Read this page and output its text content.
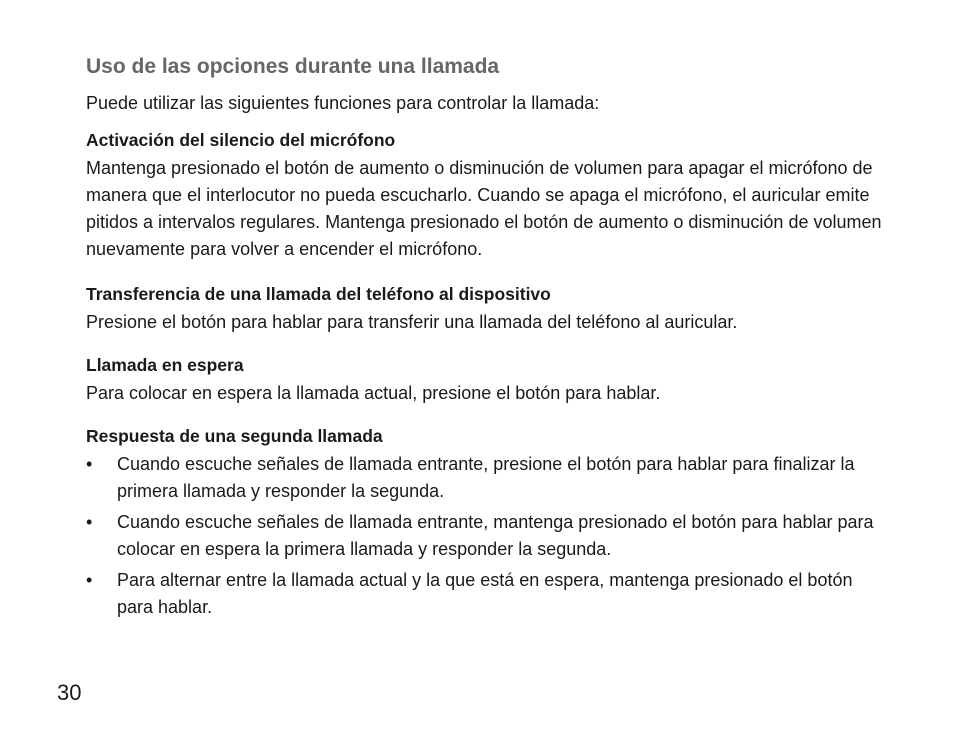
Uso de las opciones durante una llamada

Puede utilizar las siguientes funciones para controlar la llamada:

Activación del silencio del micrófono

Mantenga presionado el botón de aumento o disminución de volumen para apagar el micrófono de manera que el interlocutor no pueda escucharlo. Cuando se apaga el micrófono, el auricular emite pitidos a intervalos regulares. Mantenga presionado el botón de aumento o disminución de volumen nuevamente para volver a encender el micrófono.

Transferencia de una llamada del teléfono al dispositivo

Presione el botón para hablar para transferir una llamada del teléfono al auricular.

Llamada en espera

Para colocar en espera la llamada actual, presione el botón para hablar.

Respuesta de una segunda llamada
• Cuando escuche señales de llamada entrante, presione el botón para hablar para finalizar la primera llamada y responder la segunda.
• Cuando escuche señales de llamada entrante, mantenga presionado el botón para hablar para colocar en espera la primera llamada y responder la segunda.
• Para alternar entre la llamada actual y la que está en espera, mantenga presionado el botón para hablar.
30
